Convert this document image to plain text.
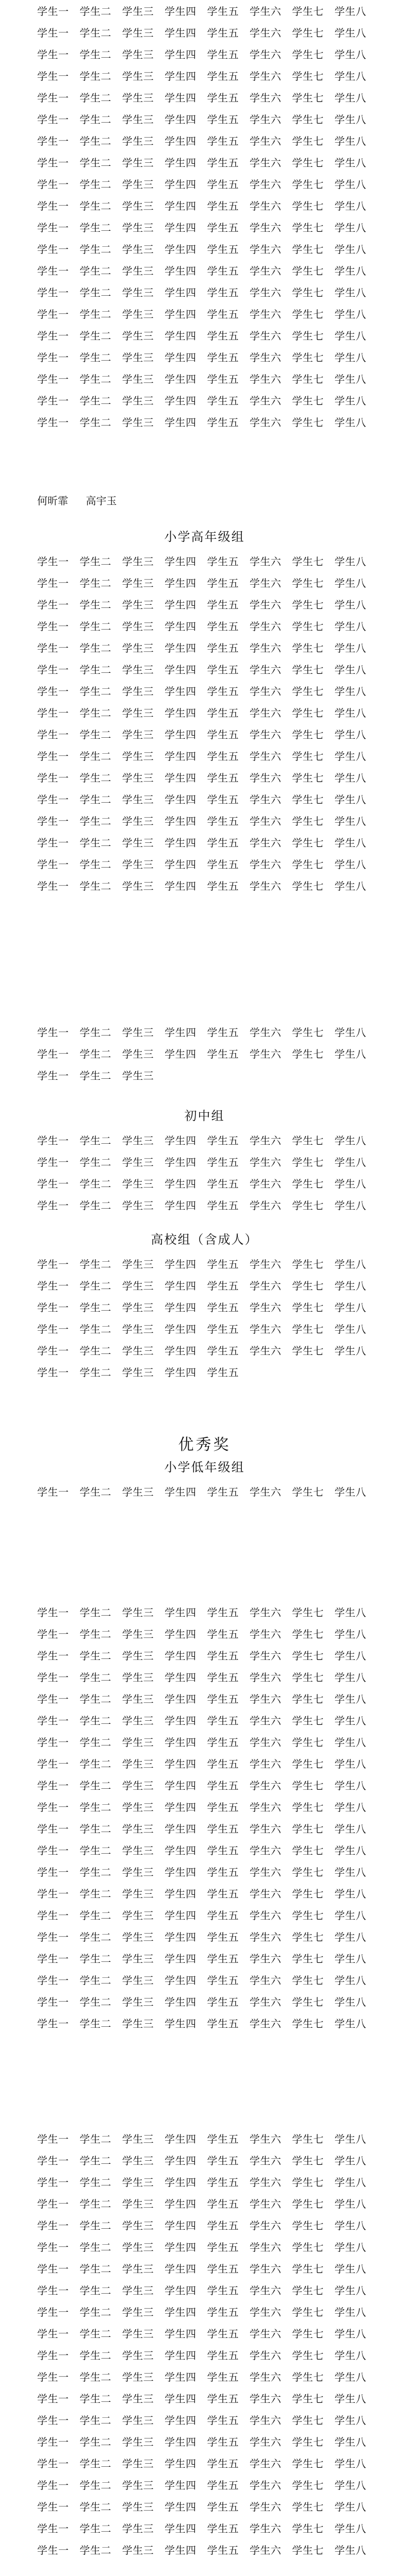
学生一	学生二	学生三	学生四	学生五	学生六	学生七	学生八
学生一	学生二	学生三	学生四	学生五	学生六	学生七	学生八
学生一	学生二	学生三	学生四	学生五	学生六	学生七	学生八
学生一	学生二	学生三	学生四	学生五	学生六	学生七	学生八
学生一	学生二	学生三	学生四	学生五	学生六	学生七	学生八
学生一	学生二	学生三	学生四	学生五	学生六	学生七	学生八
学生一	学生二	学生三	学生四	学生五	学生六	学生七	学生八
学生一	学生二	学生三	学生四	学生五	学生六	学生七	学生八
学生一	学生二	学生三	学生四	学生五	学生六	学生七	学生八
学生一	学生二	学生三	学生四	学生五	学生六	学生七	学生八
学生一	学生二	学生三	学生四	学生五	学生六	学生七	学生八
学生一	学生二	学生三	学生四	学生五	学生六	学生七	学生八
学生一	学生二	学生三	学生四	学生五	学生六	学生七	学生八
学生一	学生二	学生三	学生四	学生五	学生六	学生七	学生八
学生一	学生二	学生三	学生四	学生五	学生六	学生七	学生八
学生一	学生二	学生三	学生四	学生五	学生六	学生七	学生八
学生一	学生二	学生三	学生四	学生五	学生六	学生七	学生八
学生一	学生二	学生三	学生四	学生五	学生六	学生七	学生八
学生一	学生二	学生三	学生四	学生五	学生六	学生七	学生八
学生一	学生二	学生三	学生四	学生五	学生六	学生七	学生八

何昕霏 高宇玉

小学高年级组
学生一	学生二	学生三	学生四	学生五	学生六	学生七	学生八
学生一	学生二	学生三	学生四	学生五	学生六	学生七	学生八
学生一	学生二	学生三	学生四	学生五	学生六	学生七	学生八
学生一	学生二	学生三	学生四	学生五	学生六	学生七	学生八
学生一	学生二	学生三	学生四	学生五	学生六	学生七	学生八
学生一	学生二	学生三	学生四	学生五	学生六	学生七	学生八
学生一	学生二	学生三	学生四	学生五	学生六	学生七	学生八
学生一	学生二	学生三	学生四	学生五	学生六	学生七	学生八
学生一	学生二	学生三	学生四	学生五	学生六	学生七	学生八
学生一	学生二	学生三	学生四	学生五	学生六	学生七	学生八
学生一	学生二	学生三	学生四	学生五	学生六	学生七	学生八
学生一	学生二	学生三	学生四	学生五	学生六	学生七	学生八
学生一	学生二	学生三	学生四	学生五	学生六	学生七	学生八
学生一	学生二	学生三	学生四	学生五	学生六	学生七	学生八
学生一	学生二	学生三	学生四	学生五	学生六	学生七	学生八
学生一	学生二	学生三	学生四	学生五	学生六	学生七	学生八
学生一	学生二	学生三	学生四	学生五	学生六	学生七	学生八
学生一	学生二	学生三	学生四	学生五	学生六	学生七	学生八
学生一	学生二	学生三
初中组
学生一	学生二	学生三	学生四	学生五	学生六	学生七	学生八
学生一	学生二	学生三	学生四	学生五	学生六	学生七	学生八
学生一	学生二	学生三	学生四	学生五	学生六	学生七	学生八
学生一	学生二	学生三	学生四	学生五	学生六	学生七	学生八
高校组（含成人）
学生一	学生二	学生三	学生四	学生五	学生六	学生七	学生八
学生一	学生二	学生三	学生四	学生五	学生六	学生七	学生八
学生一	学生二	学生三	学生四	学生五	学生六	学生七	学生八
学生一	学生二	学生三	学生四	学生五	学生六	学生七	学生八
学生一	学生二	学生三	学生四	学生五	学生六	学生七	学生八
学生一	学生二	学生三	学生四	学生五
优秀奖
小学低年级组
学生一	学生二	学生三	学生四	学生五	学生六	学生七	学生八
学生一	学生二	学生三	学生四	学生五	学生六	学生七	学生八
学生一	学生二	学生三	学生四	学生五	学生六	学生七	学生八
学生一	学生二	学生三	学生四	学生五	学生六	学生七	学生八
学生一	学生二	学生三	学生四	学生五	学生六	学生七	学生八
学生一	学生二	学生三	学生四	学生五	学生六	学生七	学生八
学生一	学生二	学生三	学生四	学生五	学生六	学生七	学生八
学生一	学生二	学生三	学生四	学生五	学生六	学生七	学生八
学生一	学生二	学生三	学生四	学生五	学生六	学生七	学生八
学生一	学生二	学生三	学生四	学生五	学生六	学生七	学生八
学生一	学生二	学生三	学生四	学生五	学生六	学生七	学生八
学生一	学生二	学生三	学生四	学生五	学生六	学生七	学生八
学生一	学生二	学生三	学生四	学生五	学生六	学生七	学生八
学生一	学生二	学生三	学生四	学生五	学生六	学生七	学生八
学生一	学生二	学生三	学生四	学生五	学生六	学生七	学生八
学生一	学生二	学生三	学生四	学生五	学生六	学生七	学生八
学生一	学生二	学生三	学生四	学生五	学生六	学生七	学生八
学生一	学生二	学生三	学生四	学生五	学生六	学生七	学生八
学生一	学生二	学生三	学生四	学生五	学生六	学生七	学生八
学生一	学生二	学生三	学生四	学生五	学生六	学生七	学生八
学生一	学生二	学生三	学生四	学生五	学生六	学生七	学生八
学生一	学生二	学生三	学生四	学生五	学生六	学生七	学生八
学生一	学生二	学生三	学生四	学生五	学生六	学生七	学生八
学生一	学生二	学生三	学生四	学生五	学生六	学生七	学生八
学生一	学生二	学生三	学生四	学生五	学生六	学生七	学生八
学生一	学生二	学生三	学生四	学生五	学生六	学生七	学生八
学生一	学生二	学生三	学生四	学生五	学生六	学生七	学生八
学生一	学生二	学生三	学生四	学生五	学生六	学生七	学生八
学生一	学生二	学生三	学生四	学生五	学生六	学生七	学生八
学生一	学生二	学生三	学生四	学生五	学生六	学生七	学生八
学生一	学生二	学生三	学生四	学生五	学生六	学生七	学生八
学生一	学生二	学生三	学生四	学生五	学生六	学生七	学生八
学生一	学生二	学生三	学生四	学生五	学生六	学生七	学生八
学生一	学生二	学生三	学生四	学生五	学生六	学生七	学生八
学生一	学生二	学生三	学生四	学生五	学生六	学生七	学生八
学生一	学生二	学生三	学生四	学生五	学生六	学生七	学生八
学生一	学生二	学生三	学生四	学生五	学生六	学生七	学生八
学生一	学生二	学生三	学生四	学生五	学生六	学生七	学生八
学生一	学生二	学生三	学生四	学生五	学生六	学生七	学生八
学生一	学生二	学生三	学生四	学生五	学生六	学生七	学生八
学生一	学生二	学生三	学生四	学生五	学生六	学生七	学生八
